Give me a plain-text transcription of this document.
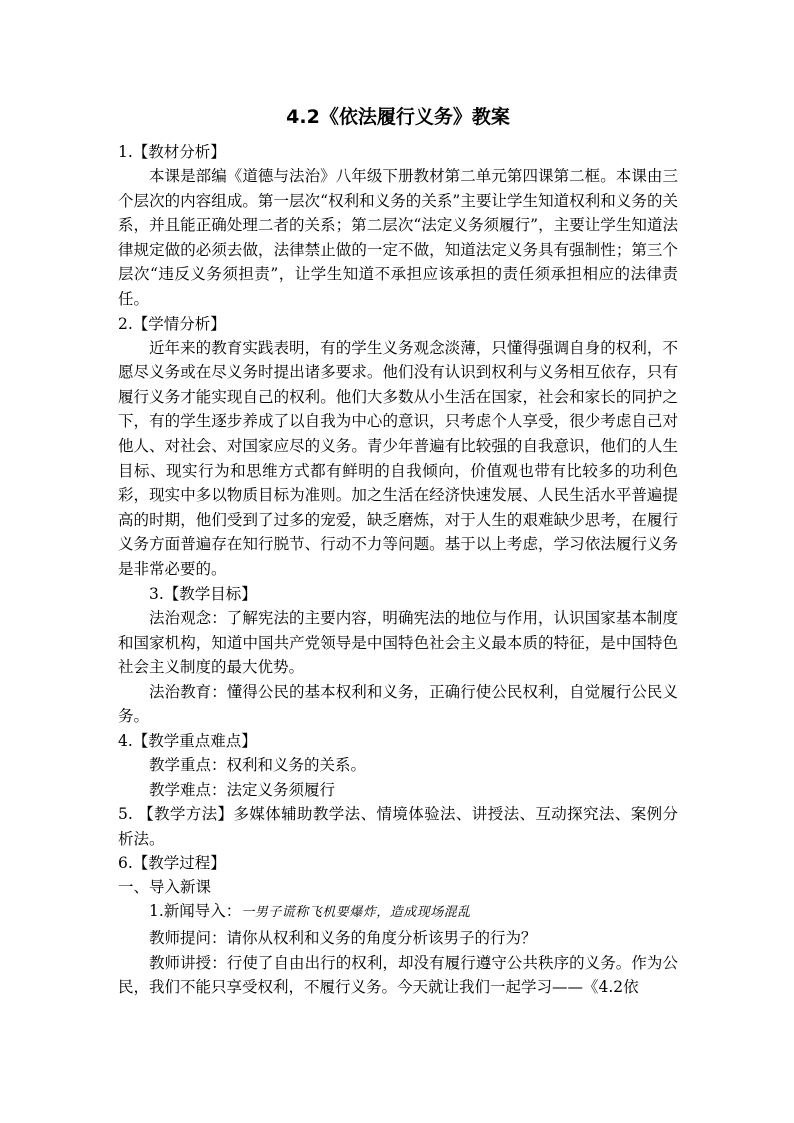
4.2《依法履行义务》教案

1.【教材分析】

本课是部编《道德与法治》八年级下册教材第二单元第四课第二框。本课由三个层次的内容组成。第一层次“权利和义务的关系”主要让学生知道权利和义务的关系，并且能正确处理二者的关系；第二层次“法定义务须履行”，主要让学生知道法律规定做的必须去做，法律禁止做的一定不做，知道法定义务具有强制性；第三个层次“违反义务须担责”，让学生知道不承担应该承担的责任须承担相应的法律责任。

2.【学情分析】

近年来的教育实践表明，有的学生义务观念淡薄，只懂得强调自身的权利，不愿尽义务或在尽义务时提出诸多要求。他们没有认识到权利与义务相互依存，只有履行义务才能实现自己的权利。他们大多数从小生活在国家，社会和家长的同护之下，有的学生逐步养成了以自我为中心的意识，只考虑个人享受，很少考虑自己对他人、对社会、对国家应尽的义务。青少年普遍有比较强的自我意识，他们的人生目标、现实行为和思维方式都有鲜明的自我倾向，价值观也带有比较多的功利色彩，现实中多以物质目标为准则。加之生活在经济快速发展、人民生活水平普遍提高的时期，他们受到了过多的宠爱，缺乏磨炼，对于人生的艰难缺少思考，在履行义务方面普遍存在知行脱节、行动不力等问题。基于以上考虑，学习依法履行义务是非常必要的。

3.【教学目标】

法治观念：了解宪法的主要内容，明确宪法的地位与作用，认识国家基本制度和国家机构，知道中国共产党领导是中国特色社会主义最本质的特征，是中国特色社会主义制度的最大优势。

法治教育：懂得公民的基本权利和义务，正确行使公民权利，自觉履行公民义务。

4.【教学重点难点】

教学重点：权利和义务的关系。

教学难点：法定义务须履行

5. 【教学方法】多媒体辅助教学法、情境体验法、讲授法、互动探究法、案例分析法。

6.【教学过程】

一、导入新课

1.新闻导入：一男子谎称飞机要爆炸，造成现场混乱

教师提问：请你从权利和义务的角度分析该男子的行为？

教师讲授：行使了自由出行的权利，却没有履行遵守公共秩序的义务。作为公民，我们不能只享受权利，不履行义务。今天就让我们一起学习——《4.2依
